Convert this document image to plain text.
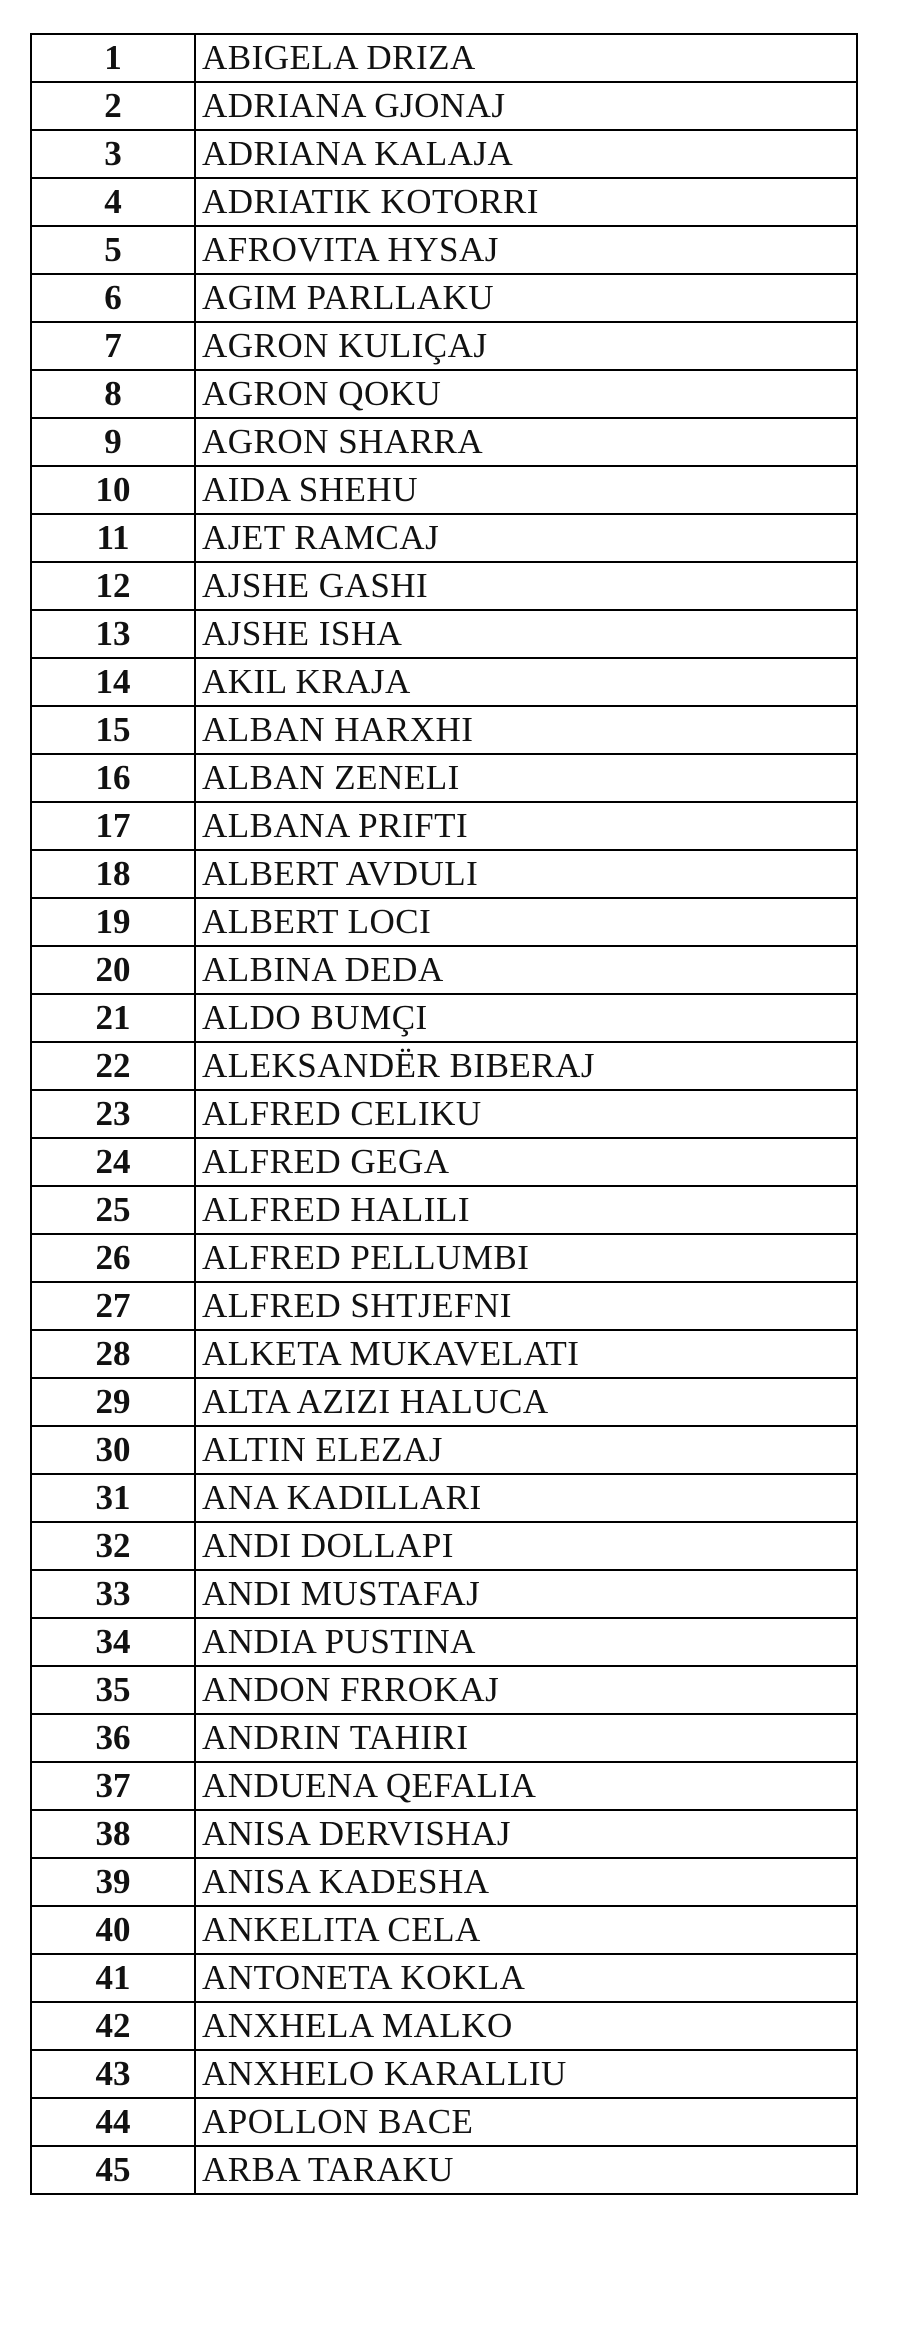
1	ABIGELA DRIZA
2	ADRIANA GJONAJ
3	ADRIANA KALAJA
4	ADRIATIK KOTORRI
5	AFROVITA HYSAJ
6	AGIM PARLLAKU
7	AGRON KULIÇAJ
8	AGRON QOKU
9	AGRON SHARRA
10	AIDA SHEHU
11	AJET RAMCAJ
12	AJSHE GASHI
13	AJSHE ISHA
14	AKIL KRAJA
15	ALBAN HARXHI
16	ALBAN ZENELI
17	ALBANA PRIFTI
18	ALBERT AVDULI
19	ALBERT LOCI
20	ALBINA DEDA
21	ALDO BUMÇI
22	ALEKSANDËR BIBERAJ
23	ALFRED CELIKU
24	ALFRED GEGA
25	ALFRED HALILI
26	ALFRED PELLUMBI
27	ALFRED SHTJEFNI
28	ALKETA MUKAVELATI
29	ALTA AZIZI HALUCA
30	ALTIN ELEZAJ
31	ANA KADILLARI
32	ANDI DOLLAPI
33	ANDI MUSTAFAJ
34	ANDIA PUSTINA
35	ANDON FRROKAJ
36	ANDRIN TAHIRI
37	ANDUENA QEFALIA
38	ANISA DERVISHAJ
39	ANISA KADESHA
40	ANKELITA CELA
41	ANTONETA KOKLA
42	ANXHELA MALKO
43	ANXHELO KARALLIU
44	APOLLON BACE
45	ARBA TARAKU
